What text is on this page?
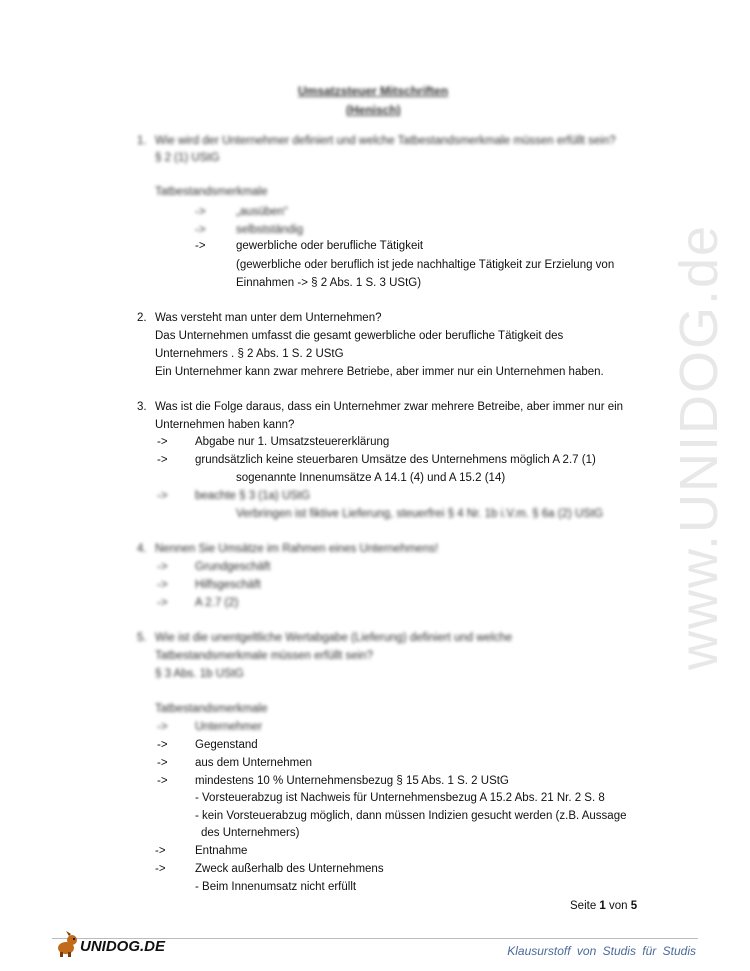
Umsatzsteuer Mitschriften
(Henisch)
1. Wie wird der Unternehmer definiert und welche Tatbestandsmerkmale müssen erfüllt sein?
§ 2 (1) UStG
Tatbestandsmerkmale
->	„ausüben“
->	selbstständig
->	gewerbliche oder berufliche Tätigkeit
(gewerbliche oder beruflich ist jede nachhaltige Tätigkeit zur Erzielung von
Einnahmen -> § 2 Abs. 1 S. 3 UStG)
2. Was versteht man unter dem Unternehmen?
Das Unternehmen umfasst die gesamt gewerbliche oder berufliche Tätigkeit des
Unternehmers . § 2 Abs. 1 S. 2 UStG
Ein Unternehmer kann zwar mehrere Betriebe, aber immer nur ein Unternehmen haben.
3. Was ist die Folge daraus, dass ein Unternehmer zwar mehrere Betreibe, aber immer nur ein
Unternehmen haben kann?
-> Abgabe nur 1. Umsatzsteuererklärung
-> grundsätzlich keine steuerbaren Umsätze des Unternehmens möglich A 2.7 (1)
sogenannte Innenumsätze A 14.1 (4) und A 15.2 (14)
-> beachte § 3 (1a) UStG
Verbringen ist fiktive Lieferung, steuerfrei § 4 Nr. 1b i.V.m. § 6a (2) UStG
4. Nennen Sie Umsätze im Rahmen eines Unternehmens!
-> Grundgeschäft
-> Hilfsgeschäft
-> A 2.7 (2)
5. Wie ist die unentgeltliche Wertabgabe (Lieferung) definiert und welche
Tatbestandsmerkmale müssen erfüllt sein?
§ 3 Abs. 1b UStG
Tatbestandsmerkmale
-> Unternehmer
-> Gegenstand
-> aus dem Unternehmen
-> mindestens 10 % Unternehmensbezug § 15 Abs. 1 S. 2 UStG
- Vorsteuerabzug ist Nachweis für Unternehmensbezug A 15.2 Abs. 21 Nr. 2 S. 8
- kein Vorsteuerabzug möglich, dann müssen Indizien gesucht werden (z.B. Aussage
des Unternehmers)
->	Entnahme
->	Zweck außerhalb des Unternehmens
- Beim Innenumsatz nicht erfüllt
Seite 1 von 5
www.UNIDOG.de
UNIDOG.DE	Klausurstoff von Studis für Studis
